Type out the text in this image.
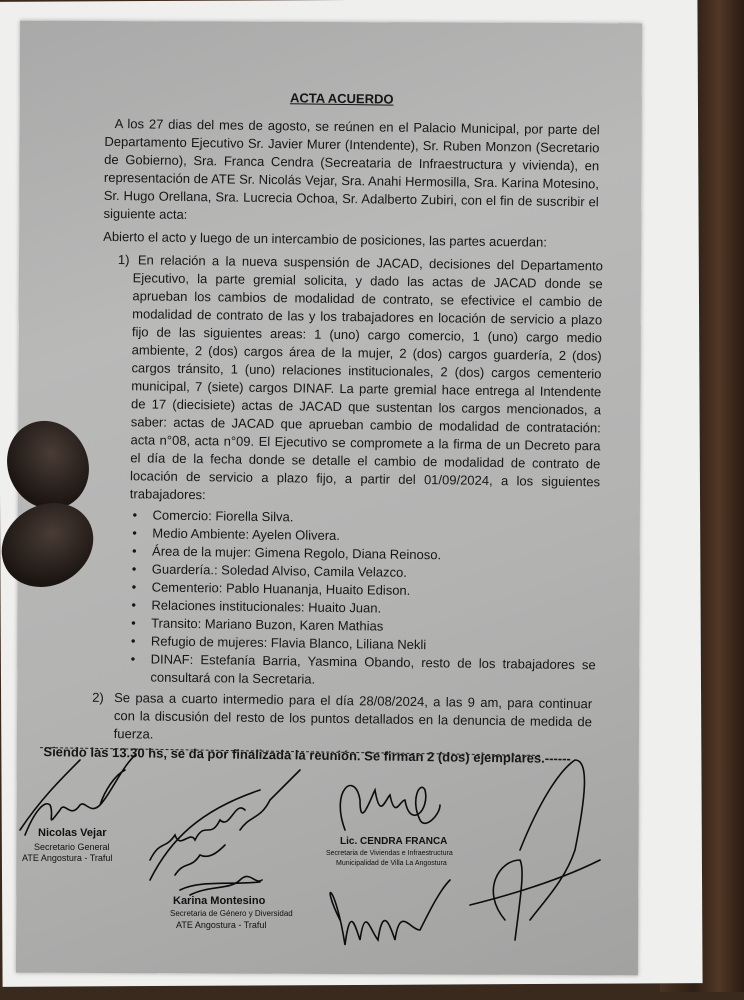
ACTA ACUERDO
A los 27 dias del mes de agosto, se reúnen en el Palacio Municipal, por parte del
Departamento Ejecutivo Sr. Javier Murer (Intendente), Sr. Ruben Monzon (Secretario
de Gobierno), Sra. Franca Cendra (Secreataria de Infraestructura y vivienda), en
representación de ATE Sr. Nicolás Vejar, Sra. Anahi Hermosilla, Sra. Karina Motesino,
Sr. Hugo Orellana, Sra. Lucrecia Ochoa, Sr. Adalberto Zubiri, con el fin de suscribir el
siguiente acta:
Abierto el acto y luego de un intercambio de posiciones, las partes acuerdan:
1) En relación a la nueva suspensión de JACAD, decisiones del Departamento
Ejecutivo, la parte gremial solicita, y dado las actas de JACAD donde se
aprueban los cambios de modalidad de contrato, se efectivice el cambio de
modalidad de contrato de las y los trabajadores en locación de servicio a plazo
fijo de las siguientes areas: 1 (uno) cargo comercio, 1 (uno) cargo medio
ambiente, 2 (dos) cargos área de la mujer, 2 (dos) cargos guardería, 2 (dos)
cargos tránsito, 1 (uno) relaciones institucionales, 2 (dos) cargos cementerio
municipal, 7 (siete) cargos DINAF. La parte gremial hace entrega al Intendente
de 17 (diecisiete) actas de JACAD que sustentan los cargos mencionados, a
saber: actas de JACAD que aprueban cambio de modalidad de contratación:
acta n°08, acta n°09. El Ejecutivo se compromete a la firma de un Decreto para
el día de la fecha donde se detalle el cambio de modalidad de contrato de
locación de servicio a plazo fijo, a partir del 01/09/2024, a los siguientes
trabajadores:
• Comercio: Fiorella Silva.
• Medio Ambiente: Ayelen Olivera.
• Área de la mujer: Gimena Regolo, Diana Reinoso.
• Guardería.: Soledad Alviso, Camila Velazco.
• Cementerio: Pablo Huananja, Huaito Edison.
• Relaciones institucionales: Huaito Juan.
• Transito: Mariano Buzon, Karen Mathias
• Refugio de mujeres: Flavia Blanco, Liliana Nekli
DINAF: Estefanía Barria, Yasmina Obando, resto de los trabajadores se
•
consultará con la Secretaria.
2) Se pasa a cuarto intermedio para el día 28/08/2024, a las 9 am, para continuar
con la discusión del resto de los puntos detallados en la denuncia de medida de
fuerza.
Siendo las 13.30 hs, se da por finalizada la reunión. Se firman 2 (dos) ejemplares.------
Nicolas Vejar
Secretario General
ATE Angostura - Traful
Karina Montesino
Secretaria de Género y Diversidad
ATE Angostura - Traful
Lic. CENDRA FRANCA
Secretaria de Viviendas e Infraestructura
Municipalidad de Villa La Angostura
